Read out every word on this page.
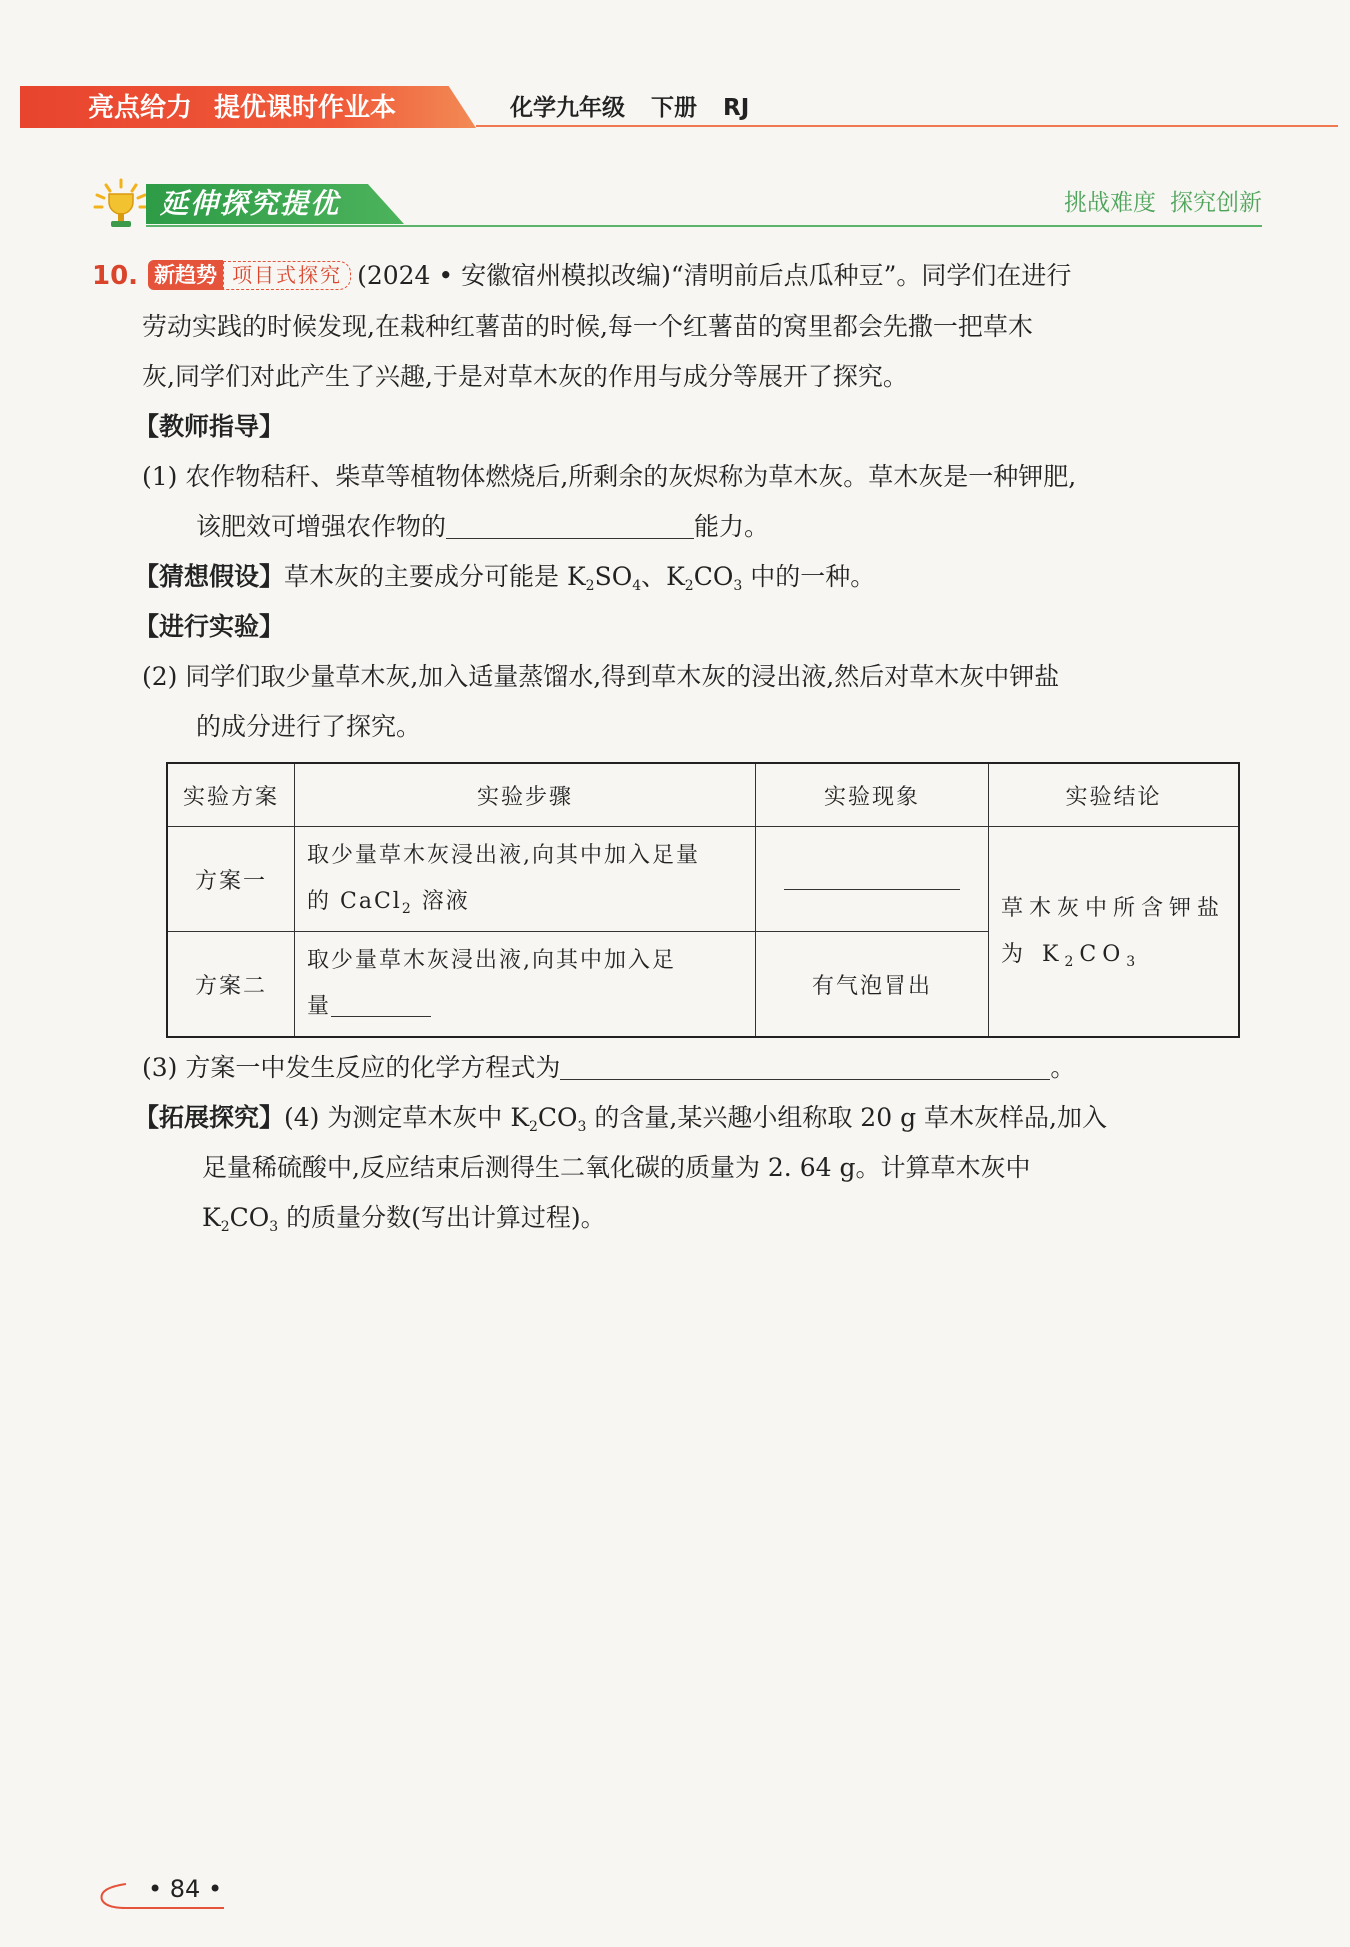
亮点给力 提优课时作业本	化学九年级 下册 RJ
延伸探究提优	挑战难度 探究创新
10. 新趋势 项目式探究 (2024 • 安徽宿州模拟改编)“清明前后点瓜种豆”。同学们在进行
劳动实践的时候发现,在栽种红薯苗的时候,每一个红薯苗的窝里都会先撒一把草木
灰,同学们对此产生了兴趣,于是对草木灰的作用与成分等展开了探究。
【教师指导】
(1) 农作物秸秆、柴草等植物体燃烧后,所剩余的灰烬称为草木灰。草木灰是一种钾肥,
该肥效可增强农作物的	能力。
【猜想假设】草木灰的主要成分可能是 $K_2SO_4$、$K_2CO_3$ 中的一种。
【进行实验】
(2) 同学们取少量草木灰,加入适量蒸馏水,得到草木灰的浸出液,然后对草木灰中钾盐
的成分进行了探究。
实验方案	实验步骤	实验现象	实验结论
方案一	取少量草木灰浸出液,向其中加入足量
的 CaCl$_2$ 溶液		草木灰中所含钾盐
为 $K_2CO_3$
方案二	取少量草木灰浸出液,向其中加入足
量	有气泡冒出	
(3) 方案一中发生反应的化学方程式为	。
【拓展探究】(4) 为测定草木灰中 $K_2CO_3$ 的含量,某兴趣小组称取 20 g 草木灰样品,加入
足量稀硫酸中,反应结束后测得生二氧化碳的质量为 2. 64 g。计算草木灰中
$K_2CO_3$ 的质量分数(写出计算过程)。
• 84 •
